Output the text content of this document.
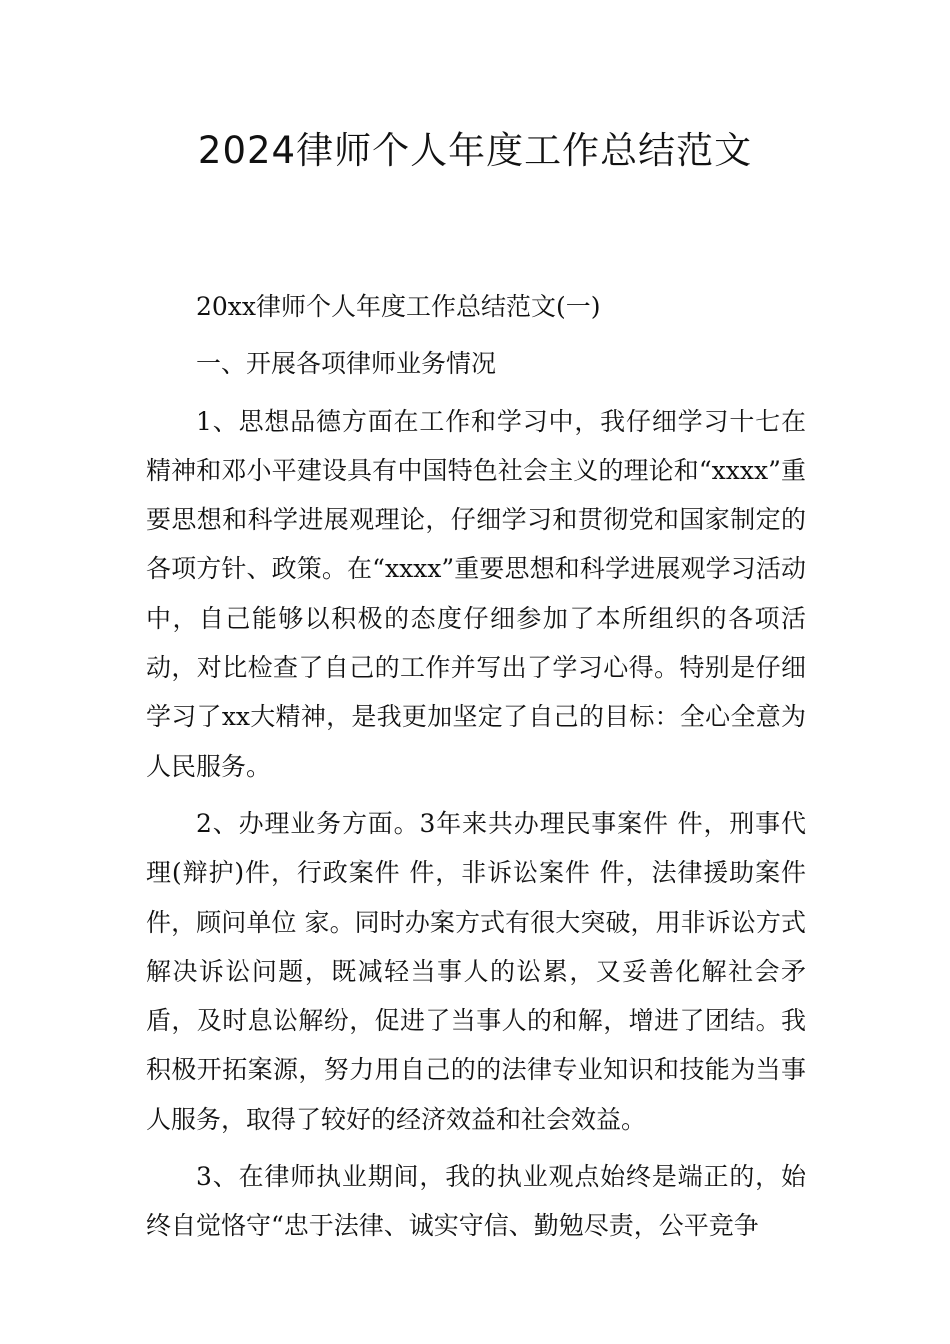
2024律师个人年度工作总结范文

20xx律师个人年度工作总结范文(一)

一、开展各项律师业务情况

1、思想品德方面在工作和学习中，我仔细学习十七在精神和邓小平建设具有中国特色社会主义的理论和“xxxx”重要思想和科学进展观理论，仔细学习和贯彻党和国家制定的各项方针、政策。在“xxxx”重要思想和科学进展观学习活动中，自己能够以积极的态度仔细参加了本所组织的各项活动，对比检查了自己的工作并写出了学习心得。特别是仔细学习了xx大精神，是我更加坚定了自己的目标：全心全意为人民服务。

2、办理业务方面。3年来共办理民事案件 件，刑事代理(辩护)件，行政案件 件，非诉讼案件 件，法律援助案件 件，顾问单位 家。同时办案方式有很大突破，用非诉讼方式解决诉讼问题，既减轻当事人的讼累，又妥善化解社会矛盾，及时息讼解纷，促进了当事人的和解，增进了团结。我积极开拓案源，努力用自己的的法律专业知识和技能为当事人服务，取得了较好的经济效益和社会效益。

3、在律师执业期间，我的执业观点始终是端正的，始终自觉恪守“忠于法律、诚实守信、勤勉尽责，公平竞争
